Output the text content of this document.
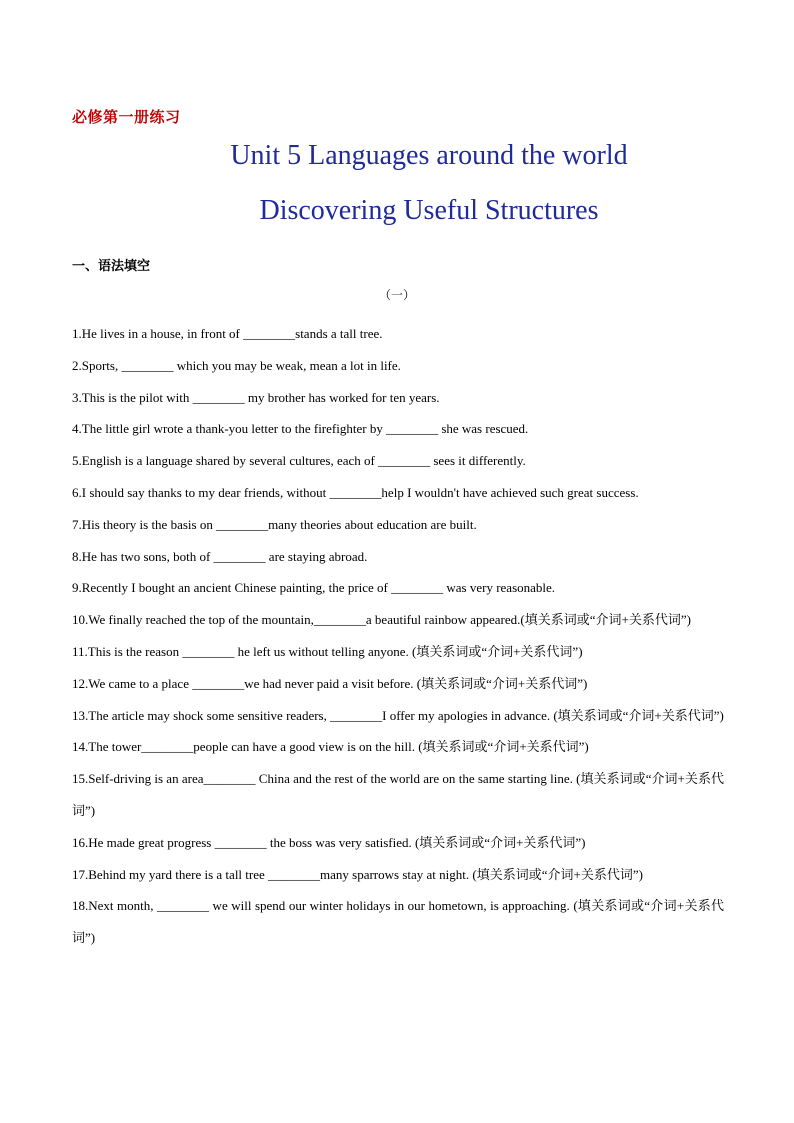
必修第一册练习
Unit 5 Languages around the world
Discovering Useful Structures
一、语法填空
（一）

1.He lives in a house, in front of ________stands a tall tree.

2.Sports, ________ which you may be weak, mean a lot in life.

3.This is the pilot with ________ my brother has worked for ten years.

4.The little girl wrote a thank-you letter to the firefighter by ________ she was rescued.

5.English is a language shared by several cultures, each of ________ sees it differently.

6.I should say thanks to my dear friends, without ________help I wouldn't have achieved such great success.

7.His theory is the basis on ________many theories about education are built.

8.He has two sons, both of ________ are staying abroad.

9.Recently I bought an ancient Chinese painting, the price of ________ was very reasonable.

10.We finally reached the top of the mountain,________a beautiful rainbow appeared.(填关系词或“介词+关系代词”)

11.This is the reason ________ he left us without telling anyone. (填关系词或“介词+关系代词”)

12.We came to a place ________we had never paid a visit before. (填关系词或“介词+关系代词”)

13.The article may shock some sensitive readers, ________I offer my apologies in advance. (填关系词或“介词+关系代词”)

14.The tower________people can have a good view is on the hill. (填关系词或“介词+关系代词”)

15.Self-driving is an area________ China and the rest of the world are on the same starting line. (填关系词或“介词+关系代词”)

16.He made great progress ________ the boss was very satisfied. (填关系词或“介词+关系代词”)

17.Behind my yard there is a tall tree ________many sparrows stay at night. (填关系词或“介词+关系代词”)

18.Next month, ________ we will spend our winter holidays in our hometown, is approaching. (填关系词或“介词+关系代词”)
